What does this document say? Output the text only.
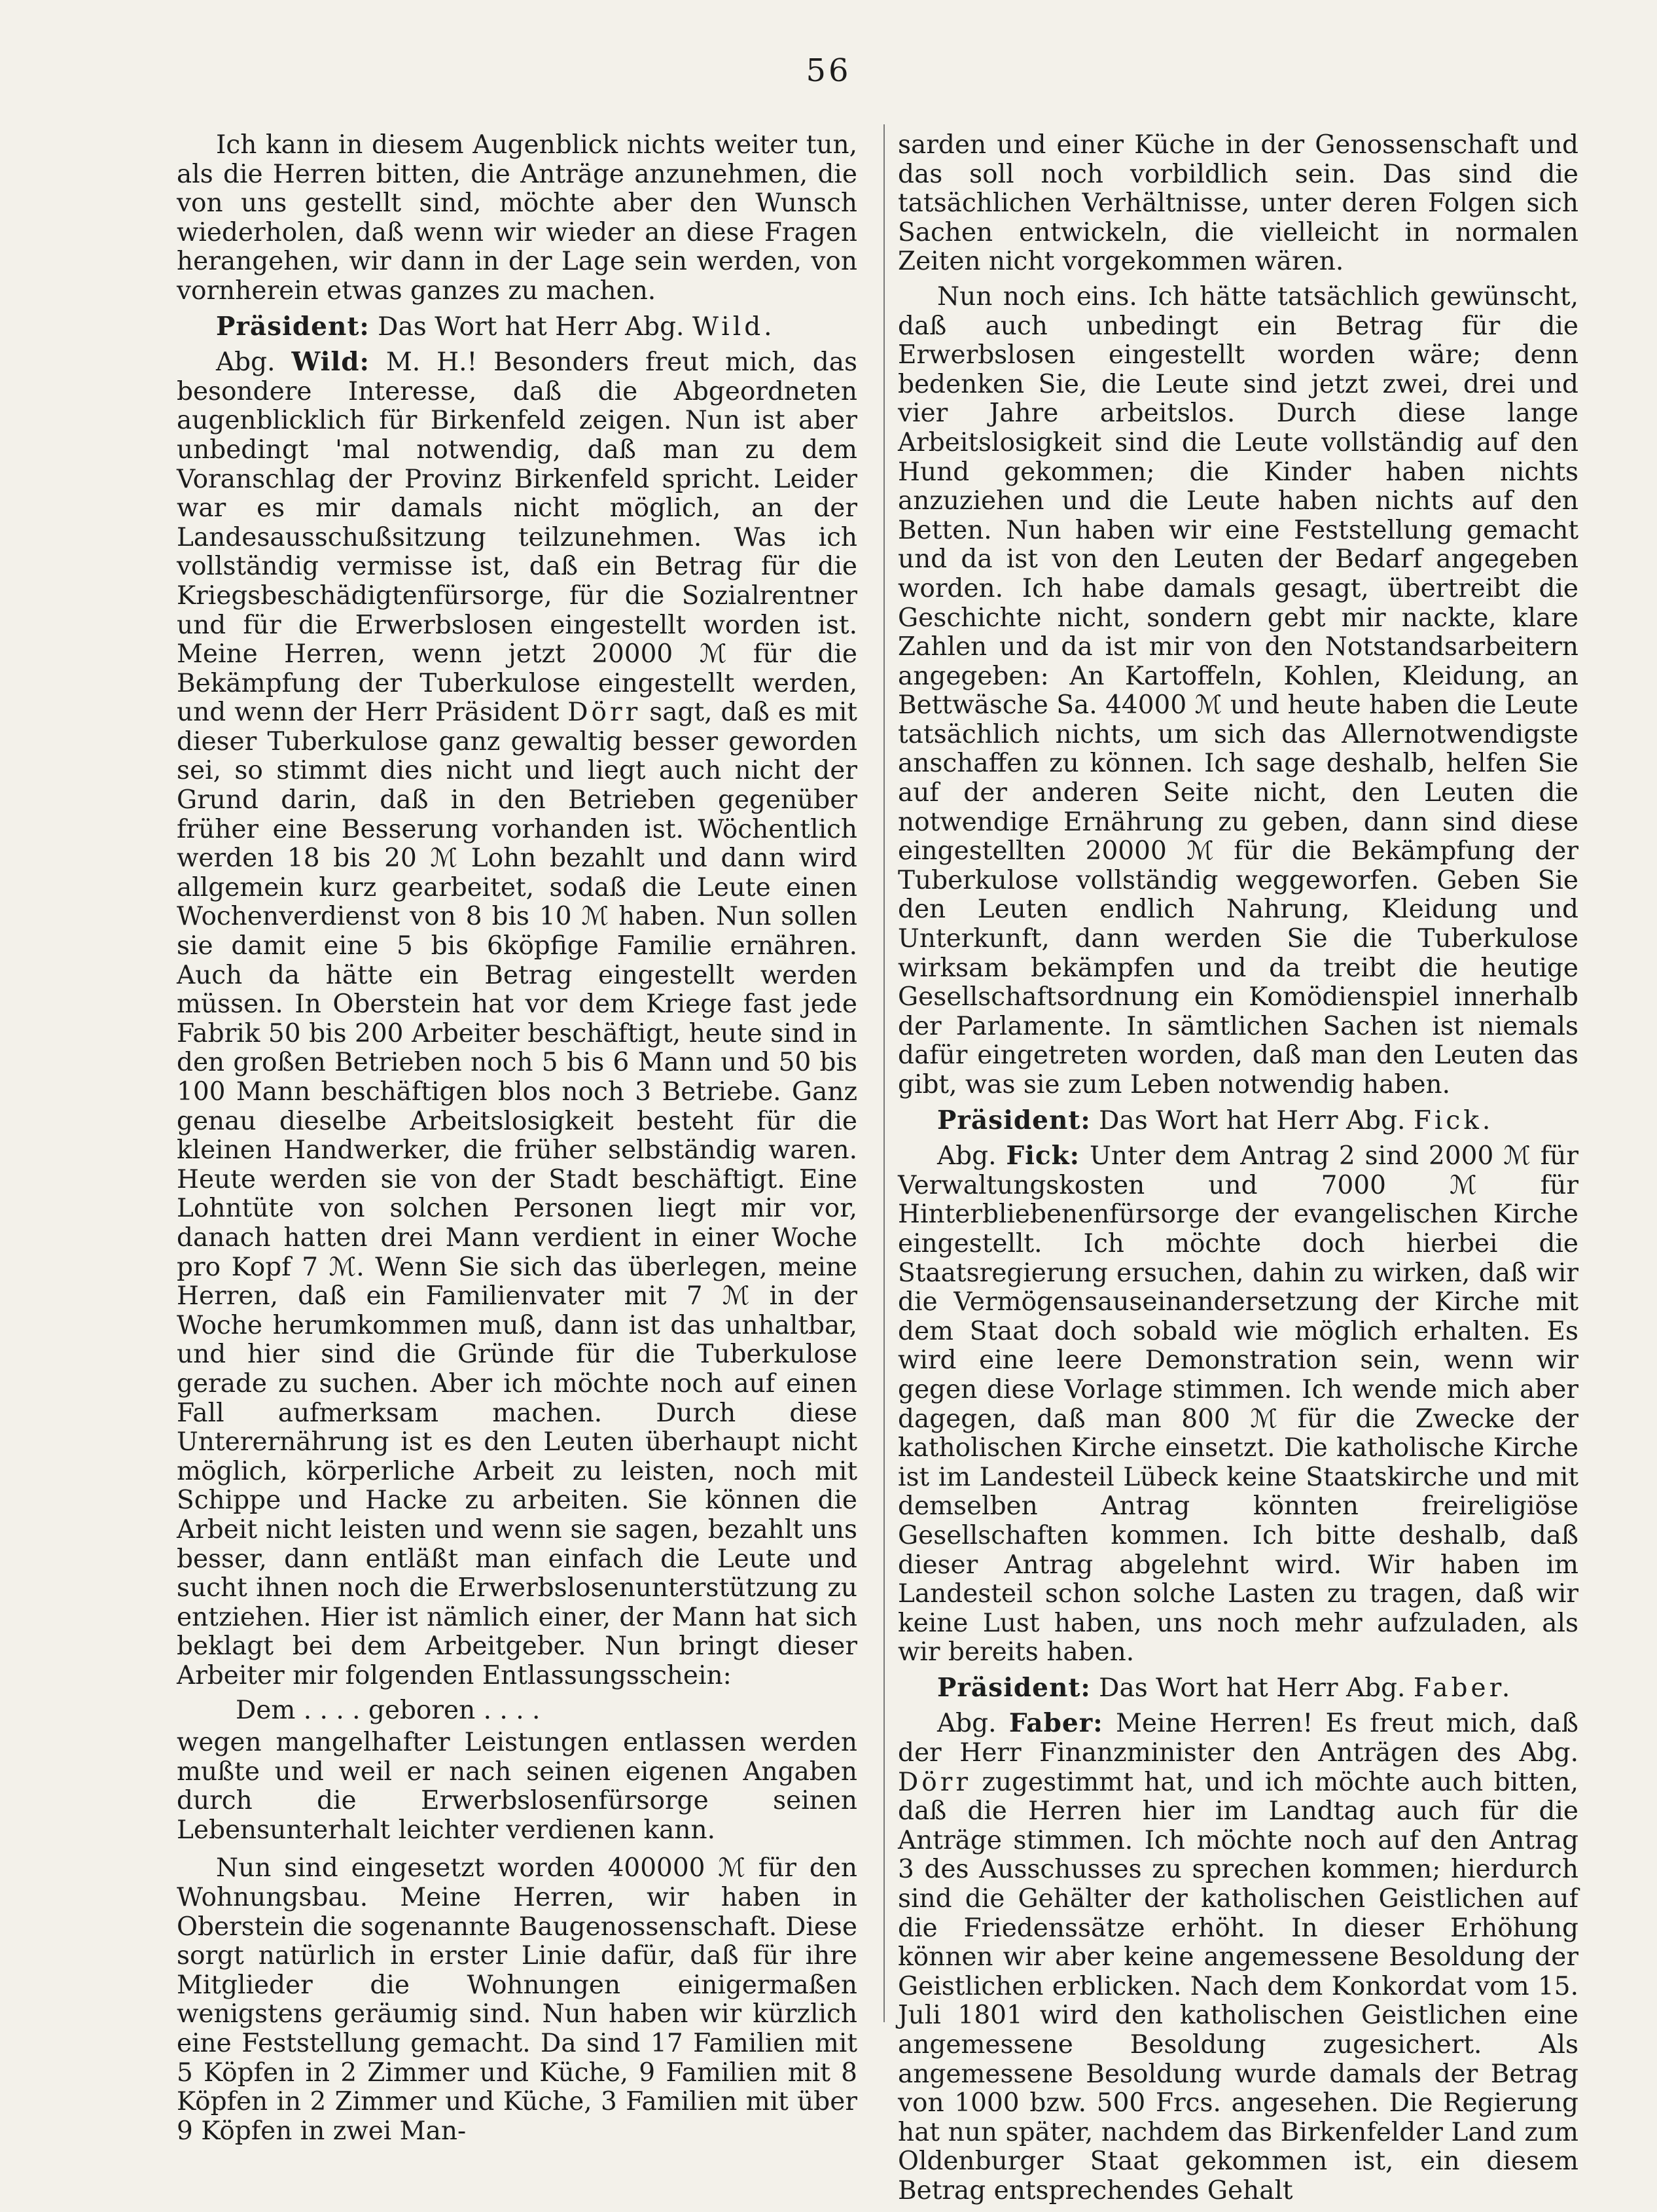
56

Ich kann in diesem Augenblick nichts weiter tun, als die Herren bitten, die Anträge anzunehmen, die von uns gestellt sind, möchte aber den Wunsch wiederholen, daß wenn wir wieder an diese Fragen herangehen, wir dann in der Lage sein werden, von vornherein etwas ganzes zu machen.

Präsident: Das Wort hat Herr Abg. Wild.

Abg. Wild: M. H.! Besonders freut mich, das besondere Interesse, daß die Abgeordneten augenblicklich für Birkenfeld zeigen. Nun ist aber unbedingt 'mal notwendig, daß man zu dem Voranschlag der Provinz Birkenfeld spricht. Leider war es mir damals nicht möglich, an der Landesausschußsitzung teilzunehmen. Was ich vollständig vermisse ist, daß ein Betrag für die Kriegsbeschädigtenfürsorge, für die Sozialrentner und für die Erwerbslosen eingestellt worden ist. Meine Herren, wenn jetzt 20000 ℳ für die Bekämpfung der Tuberkulose eingestellt werden, und wenn der Herr Präsident Dörr sagt, daß es mit dieser Tuberkulose ganz gewaltig besser geworden sei, so stimmt dies nicht und liegt auch nicht der Grund darin, daß in den Betrieben gegenüber früher eine Besserung vorhanden ist. Wöchentlich werden 18 bis 20 ℳ Lohn bezahlt und dann wird allgemein kurz gearbeitet, sodaß die Leute einen Wochenverdienst von 8 bis 10 ℳ haben. Nun sollen sie damit eine 5 bis 6köpfige Familie ernähren. Auch da hätte ein Betrag eingestellt werden müssen. In Oberstein hat vor dem Kriege fast jede Fabrik 50 bis 200 Arbeiter beschäftigt, heute sind in den großen Betrieben noch 5 bis 6 Mann und 50 bis 100 Mann beschäftigen blos noch 3 Betriebe. Ganz genau dieselbe Arbeitslosigkeit besteht für die kleinen Handwerker, die früher selbständig waren. Heute werden sie von der Stadt beschäftigt. Eine Lohntüte von solchen Personen liegt mir vor, danach hatten drei Mann verdient in einer Woche pro Kopf 7 ℳ. Wenn Sie sich das überlegen, meine Herren, daß ein Familienvater mit 7 ℳ in der Woche herumkommen muß, dann ist das unhaltbar, und hier sind die Gründe für die Tuberkulose gerade zu suchen. Aber ich möchte noch auf einen Fall aufmerksam machen. Durch diese Unterernährung ist es den Leuten überhaupt nicht möglich, körperliche Arbeit zu leisten, noch mit Schippe und Hacke zu arbeiten. Sie können die Arbeit nicht leisten und wenn sie sagen, bezahlt uns besser, dann entläßt man einfach die Leute und sucht ihnen noch die Erwerbslosenunterstützung zu entziehen. Hier ist nämlich einer, der Mann hat sich beklagt bei dem Arbeitgeber. Nun bringt dieser Arbeiter mir folgenden Entlassungsschein:

Dem . . . . geboren . . . .

wegen mangelhafter Leistungen entlassen werden mußte und weil er nach seinen eigenen Angaben durch die Erwerbslosenfürsorge seinen Lebensunterhalt leichter verdienen kann.

Nun sind eingesetzt worden 400000 ℳ für den Wohnungsbau. Meine Herren, wir haben in Oberstein die sogenannte Baugenossenschaft. Diese sorgt natürlich in erster Linie dafür, daß für ihre Mitglieder die Wohnungen einigermaßen wenigstens geräumig sind. Nun haben wir kürzlich eine Feststellung gemacht. Da sind 17 Familien mit 5 Köpfen in 2 Zimmer und Küche, 9 Familien mit 8 Köpfen in 2 Zimmer und Küche, 3 Familien mit über 9 Köpfen in zwei Man-

sarden und einer Küche in der Genossenschaft und das soll noch vorbildlich sein. Das sind die tatsächlichen Verhältnisse, unter deren Folgen sich Sachen entwickeln, die vielleicht in normalen Zeiten nicht vorgekommen wären.

Nun noch eins. Ich hätte tatsächlich gewünscht, daß auch unbedingt ein Betrag für die Erwerbslosen eingestellt worden wäre; denn bedenken Sie, die Leute sind jetzt zwei, drei und vier Jahre arbeitslos. Durch diese lange Arbeitslosigkeit sind die Leute vollständig auf den Hund gekommen; die Kinder haben nichts anzuziehen und die Leute haben nichts auf den Betten. Nun haben wir eine Feststellung gemacht und da ist von den Leuten der Bedarf angegeben worden. Ich habe damals gesagt, übertreibt die Geschichte nicht, sondern gebt mir nackte, klare Zahlen und da ist mir von den Notstandsarbeitern angegeben: An Kartoffeln, Kohlen, Kleidung, an Bettwäsche Sa. 44000 ℳ und heute haben die Leute tatsächlich nichts, um sich das Allernotwendigste anschaffen zu können. Ich sage deshalb, helfen Sie auf der anderen Seite nicht, den Leuten die notwendige Ernährung zu geben, dann sind diese eingestellten 20000 ℳ für die Bekämpfung der Tuberkulose vollständig weggeworfen. Geben Sie den Leuten endlich Nahrung, Kleidung und Unterkunft, dann werden Sie die Tuberkulose wirksam bekämpfen und da treibt die heutige Gesellschaftsordnung ein Komödienspiel innerhalb der Parlamente. In sämtlichen Sachen ist niemals dafür eingetreten worden, daß man den Leuten das gibt, was sie zum Leben notwendig haben.

Präsident: Das Wort hat Herr Abg. Fick.

Abg. Fick: Unter dem Antrag 2 sind 2000 ℳ für Verwaltungskosten und 7000 ℳ für Hinterbliebenenfürsorge der evangelischen Kirche eingestellt. Ich möchte doch hierbei die Staatsregierung ersuchen, dahin zu wirken, daß wir die Vermögensauseinandersetzung der Kirche mit dem Staat doch sobald wie möglich erhalten. Es wird eine leere Demonstration sein, wenn wir gegen diese Vorlage stimmen. Ich wende mich aber dagegen, daß man 800 ℳ für die Zwecke der katholischen Kirche einsetzt. Die katholische Kirche ist im Landesteil Lübeck keine Staatskirche und mit demselben Antrag könnten freireligiöse Gesellschaften kommen. Ich bitte deshalb, daß dieser Antrag abgelehnt wird. Wir haben im Landesteil schon solche Lasten zu tragen, daß wir keine Lust haben, uns noch mehr aufzuladen, als wir bereits haben.

Präsident: Das Wort hat Herr Abg. Faber.

Abg. Faber: Meine Herren! Es freut mich, daß der Herr Finanzminister den Anträgen des Abg. Dörr zugestimmt hat, und ich möchte auch bitten, daß die Herren hier im Landtag auch für die Anträge stimmen. Ich möchte noch auf den Antrag 3 des Ausschusses zu sprechen kommen; hierdurch sind die Gehälter der katholischen Geistlichen auf die Friedenssätze erhöht. In dieser Erhöhung können wir aber keine angemessene Besoldung der Geistlichen erblicken. Nach dem Konkordat vom 15. Juli 1801 wird den katholischen Geistlichen eine angemessene Besoldung zugesichert. Als angemessene Besoldung wurde damals der Betrag von 1000 bzw. 500 Frcs. angesehen. Die Regierung hat nun später, nachdem das Birkenfelder Land zum Oldenburger Staat gekommen ist, ein diesem Betrag entsprechendes Gehalt
